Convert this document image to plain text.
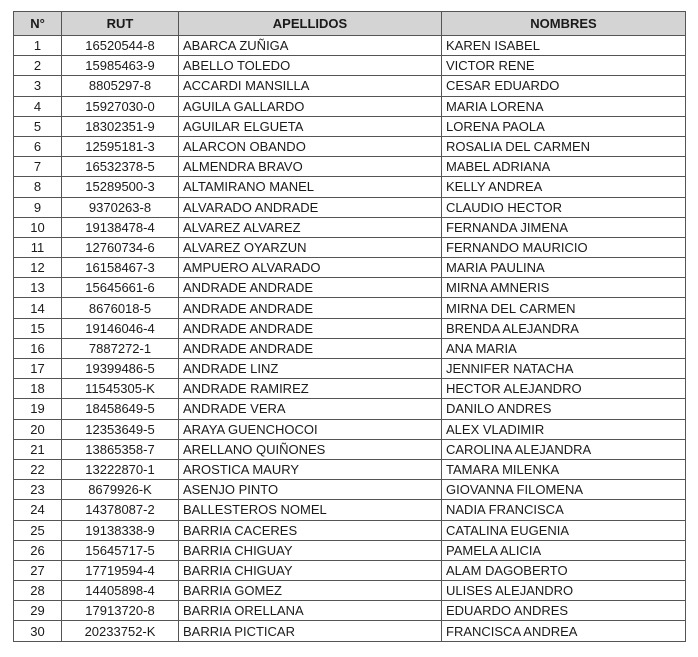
N°	RUT	APELLIDOS	NOMBRES
1	16520544-8	ABARCA ZUÑIGA	KAREN ISABEL
2	15985463-9	ABELLO TOLEDO	VICTOR RENE
3	8805297-8	ACCARDI MANSILLA	CESAR EDUARDO
4	15927030-0	AGUILA GALLARDO	MARIA LORENA
5	18302351-9	AGUILAR ELGUETA	LORENA PAOLA
6	12595181-3	ALARCON OBANDO	ROSALIA DEL CARMEN
7	16532378-5	ALMENDRA BRAVO	MABEL ADRIANA
8	15289500-3	ALTAMIRANO MANEL	KELLY ANDREA
9	9370263-8	ALVARADO ANDRADE	CLAUDIO HECTOR
10	19138478-4	ALVAREZ ALVAREZ	FERNANDA JIMENA
11	12760734-6	ALVAREZ OYARZUN	FERNANDO MAURICIO
12	16158467-3	AMPUERO ALVARADO	MARIA PAULINA
13	15645661-6	ANDRADE ANDRADE	MIRNA AMNERIS
14	8676018-5	ANDRADE ANDRADE	MIRNA DEL CARMEN
15	19146046-4	ANDRADE ANDRADE	BRENDA ALEJANDRA
16	7887272-1	ANDRADE ANDRADE	ANA MARIA
17	19399486-5	ANDRADE LINZ	JENNIFER NATACHA
18	11545305-K	ANDRADE RAMIREZ	HECTOR ALEJANDRO
19	18458649-5	ANDRADE VERA	DANILO ANDRES
20	12353649-5	ARAYA GUENCHOCOI	ALEX VLADIMIR
21	13865358-7	ARELLANO QUIÑONES	CAROLINA ALEJANDRA
22	13222870-1	AROSTICA MAURY	TAMARA MILENKA
23	8679926-K	ASENJO PINTO	GIOVANNA FILOMENA
24	14378087-2	BALLESTEROS NOMEL	NADIA FRANCISCA
25	19138338-9	BARRIA CACERES	CATALINA EUGENIA
26	15645717-5	BARRIA CHIGUAY	PAMELA ALICIA
27	17719594-4	BARRIA CHIGUAY	ALAM DAGOBERTO
28	14405898-4	BARRIA GOMEZ	ULISES ALEJANDRO
29	17913720-8	BARRIA ORELLANA	EDUARDO ANDRES
30	20233752-K	BARRIA PICTICAR	FRANCISCA ANDREA
